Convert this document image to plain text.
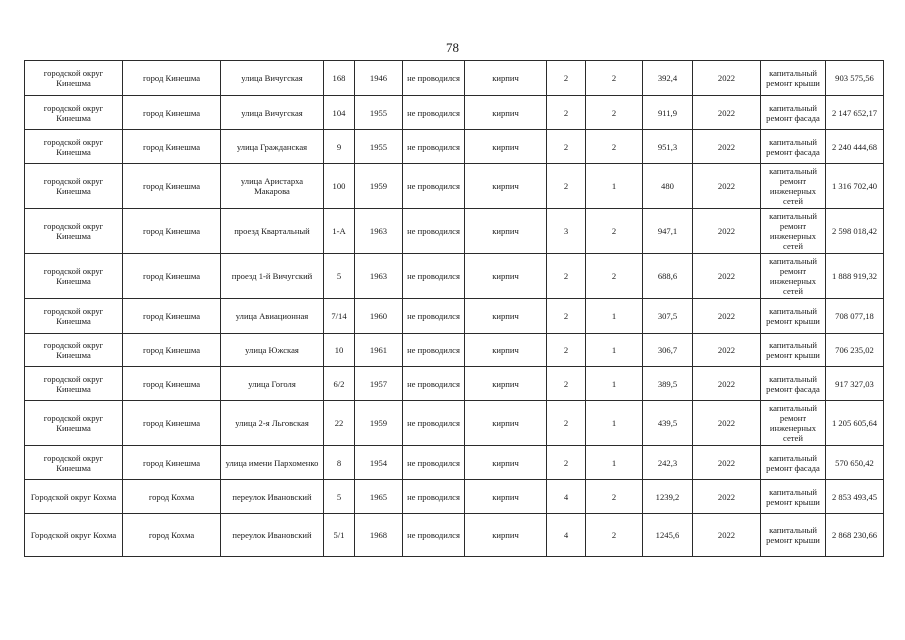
78
городской округ Кинешма	город Кинешма	улица Вичугская	168	1946	не проводился	кирпич	2	2	392,4	2022	капитальный ремонт крыши	903 575,56
городской округ Кинешма	город Кинешма	улица Вичугская	104	1955	не проводился	кирпич	2	2	911,9	2022	капитальный ремонт фасада	2 147 652,17
городской округ Кинешма	город Кинешма	улица Гражданская	9	1955	не проводился	кирпич	2	2	951,3	2022	капитальный ремонт фасада	2 240 444,68
городской округ Кинешма	город Кинешма	улица Аристарха Макарова	100	1959	не проводился	кирпич	2	1	480	2022	капитальный ремонт инженерных сетей	1 316 702,40
городской округ Кинешма	город Кинешма	проезд Квартальный	1-А	1963	не проводился	кирпич	3	2	947,1	2022	капитальный ремонт инженерных сетей	2 598 018,42
городской округ Кинешма	город Кинешма	проезд 1-й Вичугский	5	1963	не проводился	кирпич	2	2	688,6	2022	капитальный ремонт инженерных сетей	1 888 919,32
городской округ Кинешма	город Кинешма	улица Авиационная	7/14	1960	не проводился	кирпич	2	1	307,5	2022	капитальный ремонт крыши	708 077,18
городской округ Кинешма	город Кинешма	улица Южская	10	1961	не проводился	кирпич	2	1	306,7	2022	капитальный ремонт крыши	706 235,02
городской округ Кинешма	город Кинешма	улица Гоголя	6/2	1957	не проводился	кирпич	2	1	389,5	2022	капитальный ремонт фасада	917 327,03
городской округ Кинешма	город Кинешма	улица 2-я Льговская	22	1959	не проводился	кирпич	2	1	439,5	2022	капитальный ремонт инженерных сетей	1 205 605,64
городской округ Кинешма	город Кинешма	улица имени Пархоменко	8	1954	не проводился	кирпич	2	1	242,3	2022	капитальный ремонт фасада	570 650,42
Городской округ Кохма	город Кохма	переулок Ивановский	5	1965	не проводился	кирпич	4	2	1239,2	2022	капитальный ремонт крыши	2 853 493,45
Городской округ Кохма	город Кохма	переулок Ивановский	5/1	1968	не проводился	кирпич	4	2	1245,6	2022	капитальный ремонт крыши	2 868 230,66
